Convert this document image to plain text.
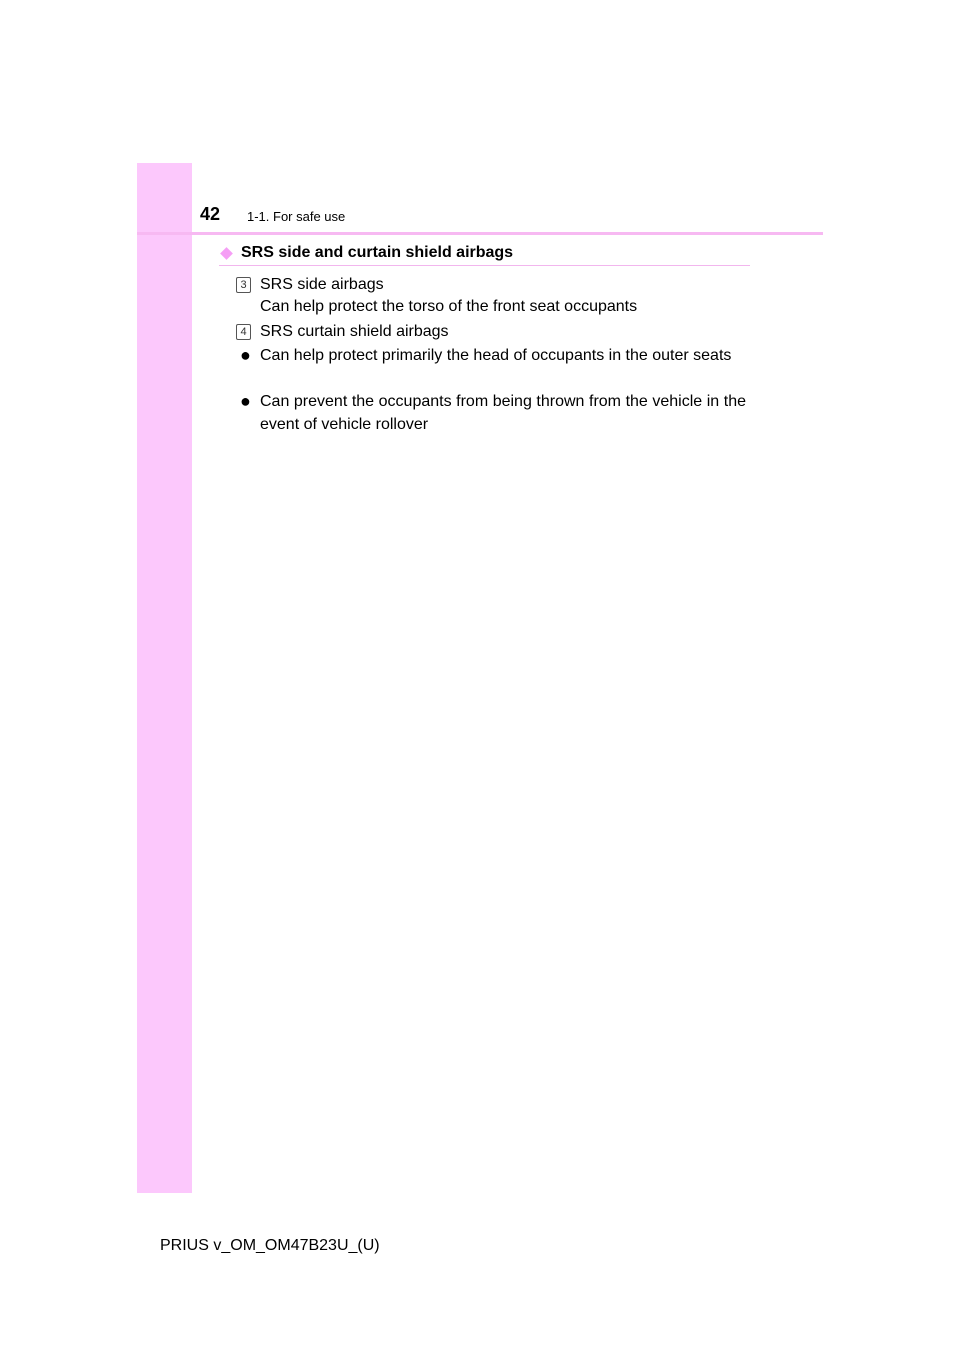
42 1-1. For safe use
SRS side and curtain shield airbags
3 SRS side airbags
Can help protect the torso of the front seat occupants
4 SRS curtain shield airbags
● Can help protect primarily the head of occupants in the outer seats
● Can prevent the occupants from being thrown from the vehicle in the event of vehicle rollover
PRIUS v_OM_OM47B23U_(U)
